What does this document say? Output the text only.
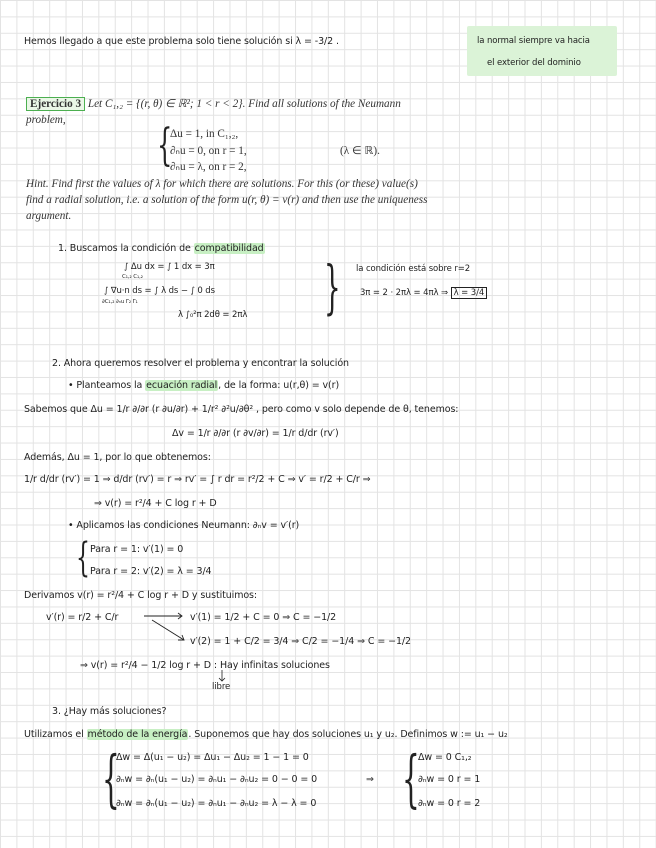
Hemos llegado a que este problema solo tiene solución si λ = -3/2 .	la normal siempre va hacia
el exterior del dominio
Ejercicio 3 Let C₁,₂ = {(r, θ) ∈ ℝ²; 1 < r < 2}. Find all solutions of the Neumann
problem, {
Δu = 1, in C₁,₂,
∂ₙu = 0, on r = 1,
∂ₙu = λ, on r = 2,
(λ ∈ ℝ).
Hint. Find first the values of λ for which there are solutions. For this (or these) value(s)
find a radial solution, i.e. a solution of the form u(r, θ) = v(r) and then use the uniqueness
argument.
1. Buscamos la condición de compatibilidad
∫ Δu dx = ∫ 1 dx = 3π
C₁,₂ C₁,₂
∫ ∇u·n ds = ∫ λ ds − ∫ 0 ds
∂C₁,₂ ∂ₙu Γ₂ Γ₁
λ ∫₀²π 2dθ = 2πλ } la condición está sobre r=2
3π = 2 · 2πλ = 4πλ ⇒ λ = 3/4
2. Ahora queremos resolver el problema y encontrar la solución
• Planteamos la ecuación radial, de la forma: u(r,θ) = v(r)
Sabemos que Δu = 1/r ∂/∂r (r ∂u/∂r) + 1/r² ∂²u/∂θ² , pero como v solo depende de θ, tenemos:
Δv = 1/r ∂/∂r (r ∂v/∂r) = 1/r d/dr (rv′)
Además, Δu = 1, por lo que obtenemos:
1/r d/dr (rv′) = 1 ⇒ d/dr (rv′) = r ⇒ rv′ = ∫ r dr = r²/2 + C ⇒ v′ = r/2 + C/r ⇒
⇒ v(r) = r²/4 + C log r + D
• Aplicamos las condiciones Neumann: ∂ₙv = v′(r)
{ Para r = 1: v′(1) = 0
Para r = 2: v′(2) = λ = 3/4
Derivamos v(r) = r²/4 + C log r + D y sustituimos:
v′(r) = r/2 + C/r	v′(1) = 1/2 + C = 0 ⇒ C = −1/2
v′(2) = 1 + C/2 = 3/4 ⇒ C/2 = −1/4 ⇒ C = −1/2
⇒ v(r) = r²/4 − 1/2 log r + D : Hay infinitas soluciones
libre
3. ¿Hay más soluciones?
Utilizamos el método de la energía. Suponemos que hay dos soluciones u₁ y u₂. Definimos w := u₁ − u₂
{
Δw = Δ(u₁ − u₂) = Δu₁ − Δu₂ = 1 − 1 = 0
∂ₙw = ∂ₙ(u₁ − u₂) = ∂ₙu₁ − ∂ₙu₂ = 0 − 0 = 0
∂ₙw = ∂ₙ(u₁ − u₂) = ∂ₙu₁ − ∂ₙu₂ = λ − λ = 0
⇒ {
Δw = 0 C₁,₂
∂ₙw = 0 r = 1
∂ₙw = 0 r = 2
